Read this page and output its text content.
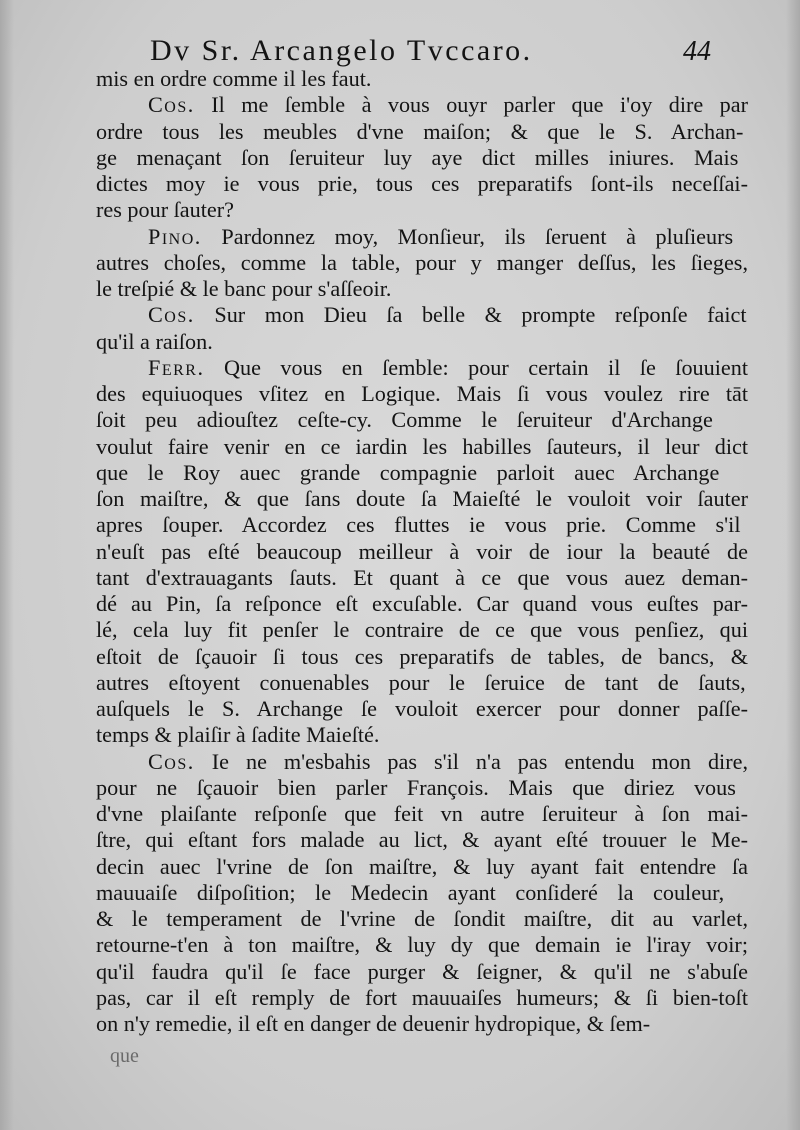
Dv Sr. Arcangelo Tvccaro.	44
mis en ordre comme il les faut.
Cos. Il me ſemble à vous ouyr parler que i'oy dire par
ordre tous les meubles d'vne maiſon; & que le S. Archan-
ge menaçant ſon ſeruiteur luy aye dict milles iniures. Mais
dictes moy ie vous prie, tous ces preparatifs ſont-ils neceſſai-
res pour ſauter?
Pino. Pardonnez moy, Monſieur, ils ſeruent à pluſieurs
autres choſes, comme la table, pour y manger deſſus, les ſieges,
le treſpié & le banc pour s'aſſeoir.
Cos. Sur mon Dieu ſa belle & prompte reſponſe faict
qu'il a raiſon.
Ferr. Que vous en ſemble: pour certain il ſe ſouuient
des equiuoques vſitez en Logique. Mais ſi vous voulez rire tāt
ſoit peu adiouſtez ceſte-cy. Comme le ſeruiteur d'Archange
voulut faire venir en ce iardin les habilles ſauteurs, il leur dict
que le Roy auec grande compagnie parloit auec Archange
ſon maiſtre, & que ſans doute ſa Maieſté le vouloit voir ſauter
apres ſouper. Accordez ces fluttes ie vous prie. Comme s'il
n'euſt pas eſté beaucoup meilleur à voir de iour la beauté de
tant d'extrauagants ſauts. Et quant à ce que vous auez deman-
dé au Pin, ſa reſponce eſt excuſable. Car quand vous euſtes par-
lé, cela luy fit penſer le contraire de ce que vous penſiez, qui
eſtoit de ſçauoir ſi tous ces preparatifs de tables, de bancs, &
autres eſtoyent conuenables pour le ſeruice de tant de ſauts,
auſquels le S. Archange ſe vouloit exercer pour donner paſſe-
temps & plaiſir à ſadite Maieſté.
Cos. Ie ne m'esbahis pas s'il n'a pas entendu mon dire,
pour ne ſçauoir bien parler François. Mais que diriez vous
d'vne plaiſante reſponſe que feit vn autre ſeruiteur à ſon mai-
ſtre, qui eſtant fors malade au lict, & ayant eſté trouuer le Me-
decin auec l'vrine de ſon maiſtre, & luy ayant fait entendre ſa
mauuaiſe diſpoſition; le Medecin ayant conſideré la couleur,
& le temperament de l'vrine de ſondit maiſtre, dit au varlet,
retourne-t'en à ton maiſtre, & luy dy que demain ie l'iray voir;
qu'il faudra qu'il ſe face purger & ſeigner, & qu'il ne s'abuſe
pas, car il eſt remply de fort mauuaiſes humeurs; & ſi bien-toſt
on n'y remedie, il eſt en danger de deuenir hydropique, & ſem-
que
